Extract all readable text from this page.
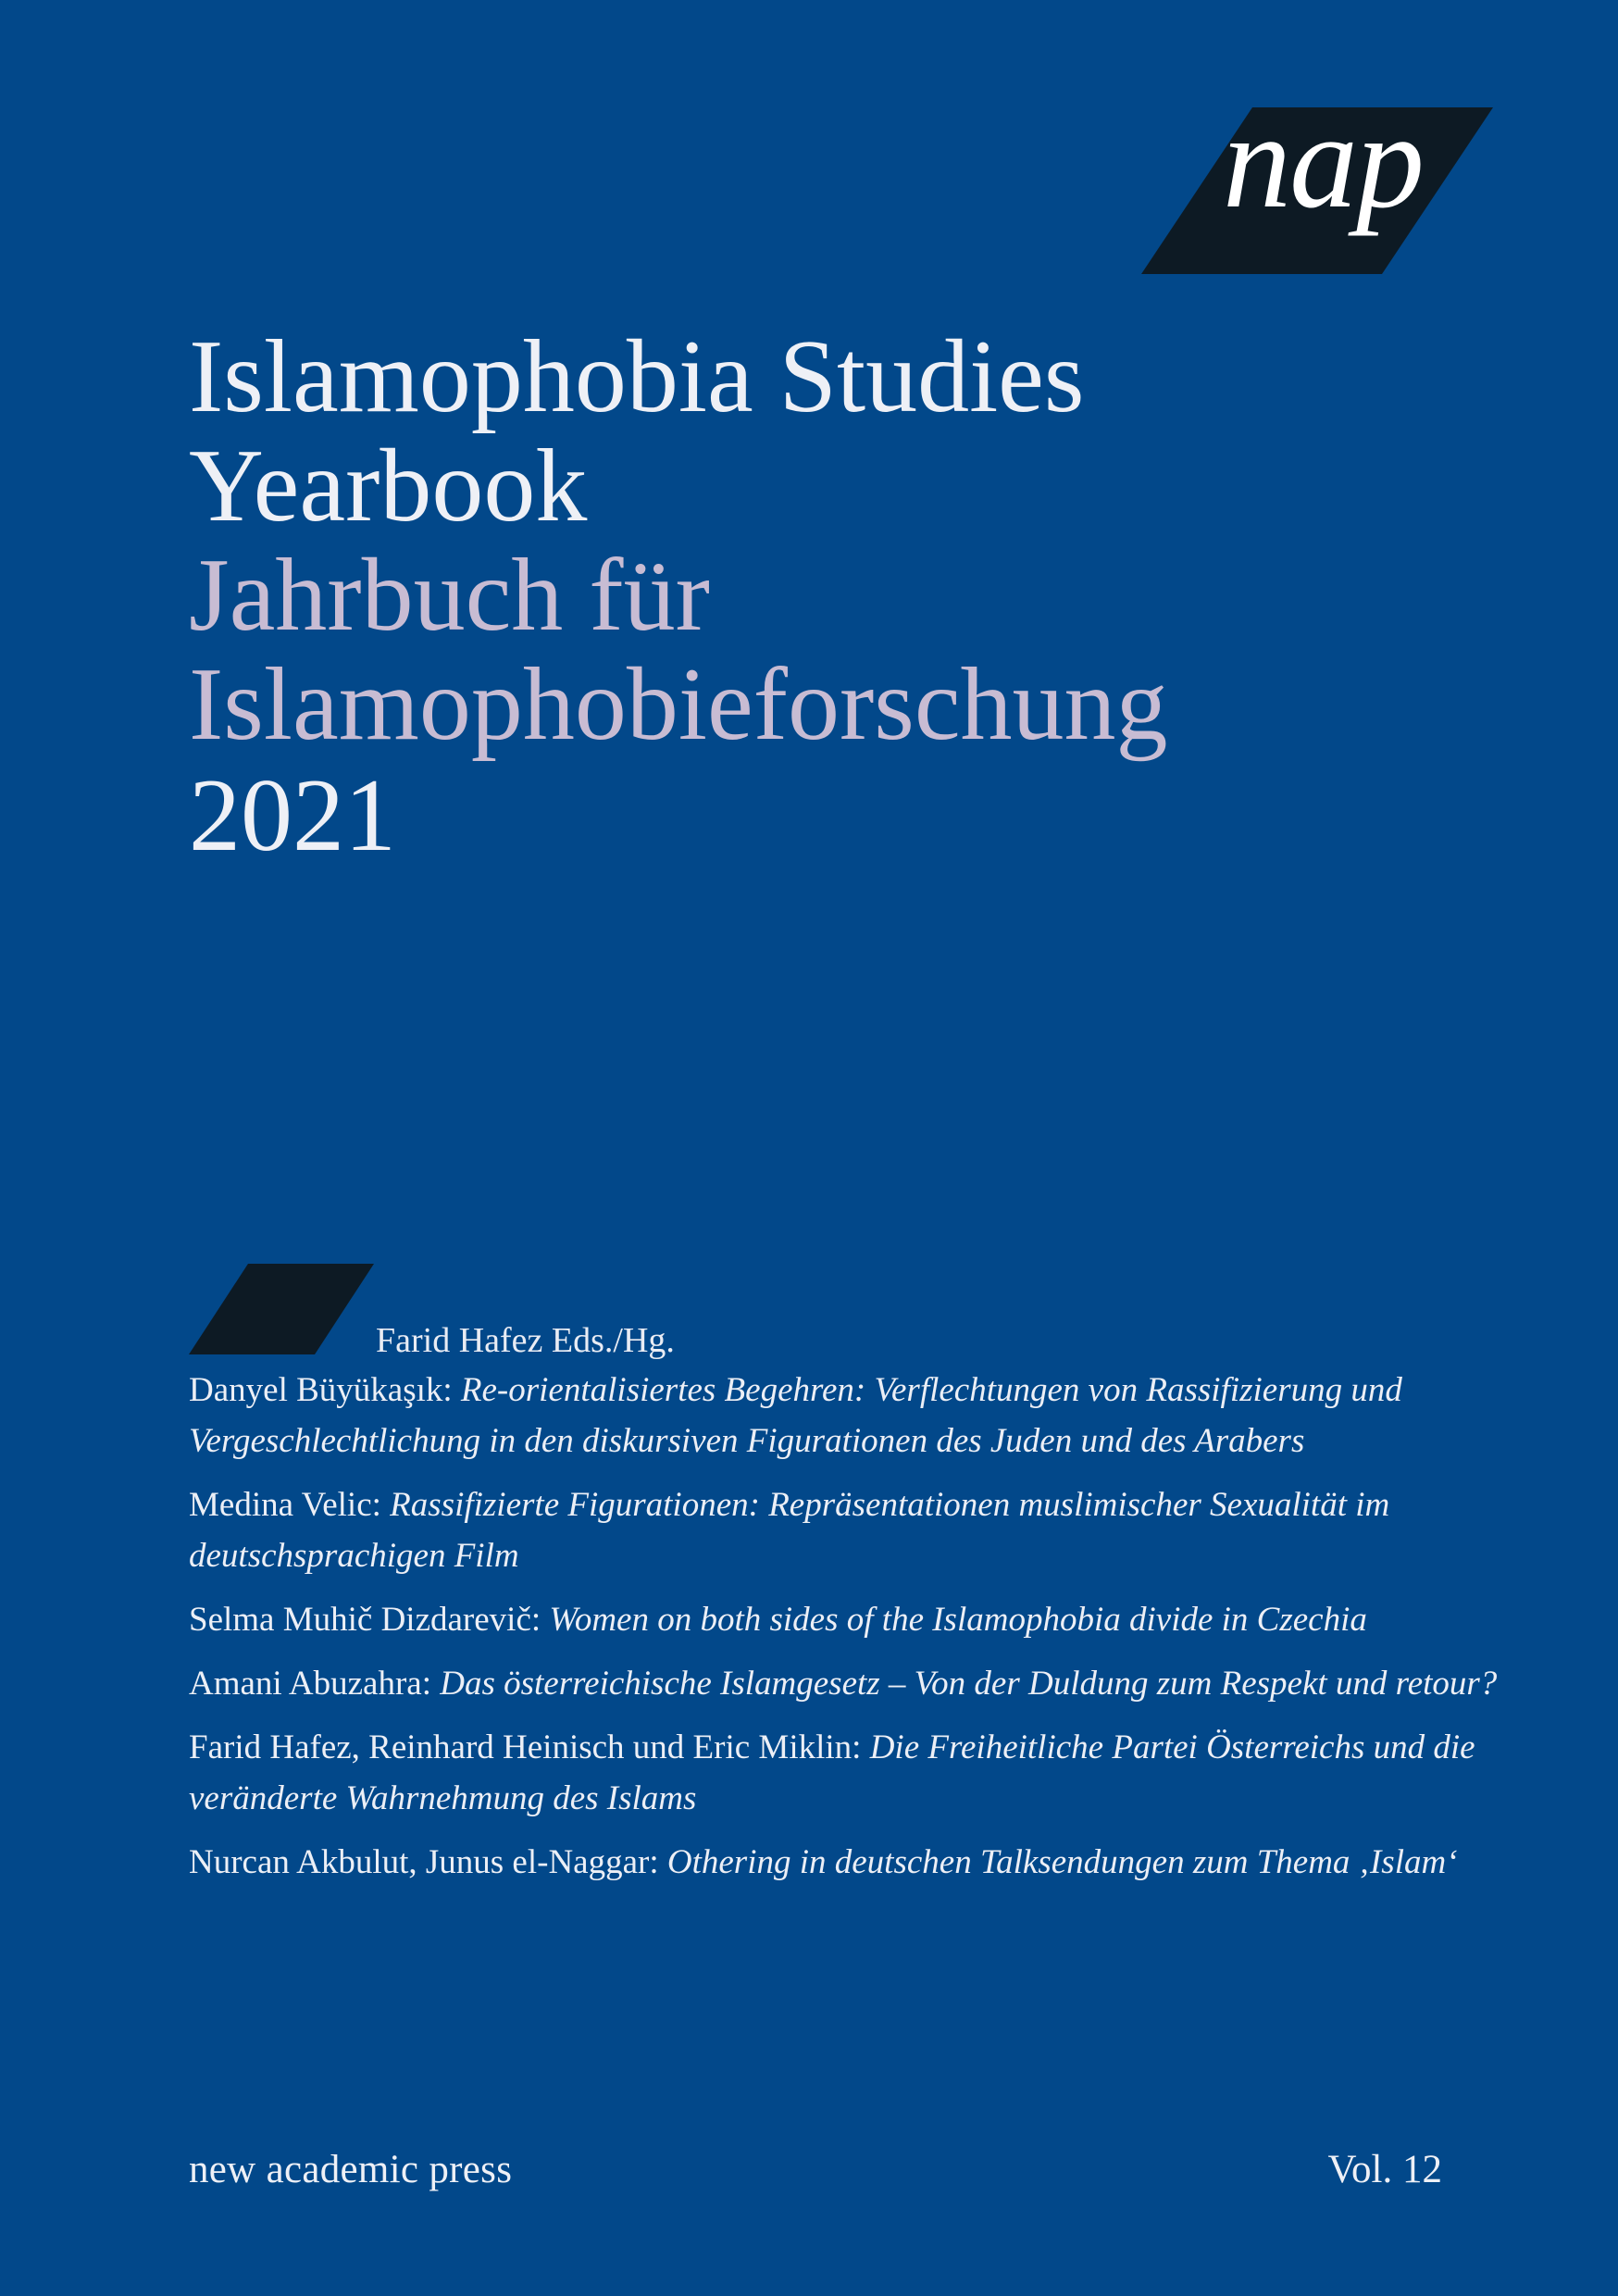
nap
Islamophobia Studies
Yearbook
Jahrbuch für
Islamophobieforschung
2021
Farid Hafez Eds./Hg.
Danyel Büyükaşık: Re-orientalisiertes Begehren: Verflechtungen von Rassifizierung und Vergeschlechtlichung in den diskursiven Figurationen des Juden und des Arabers
Medina Velic: Rassifizierte Figurationen: Repräsentationen muslimischer Sexualität im deutschsprachigen Film
Selma Muhič Dizdarevič: Women on both sides of the Islamophobia divide in Czechia
Amani Abuzahra: Das österreichische Islamgesetz – Von der Duldung zum Respekt und retour?
Farid Hafez, Reinhard Heinisch und Eric Miklin: Die Freiheitliche Partei Österreichs und die veränderte Wahrnehmung des Islams
Nurcan Akbulut, Junus el-Naggar: Othering in deutschen Talksendungen zum Thema ‚Islam‘
new academic press	Vol. 12
